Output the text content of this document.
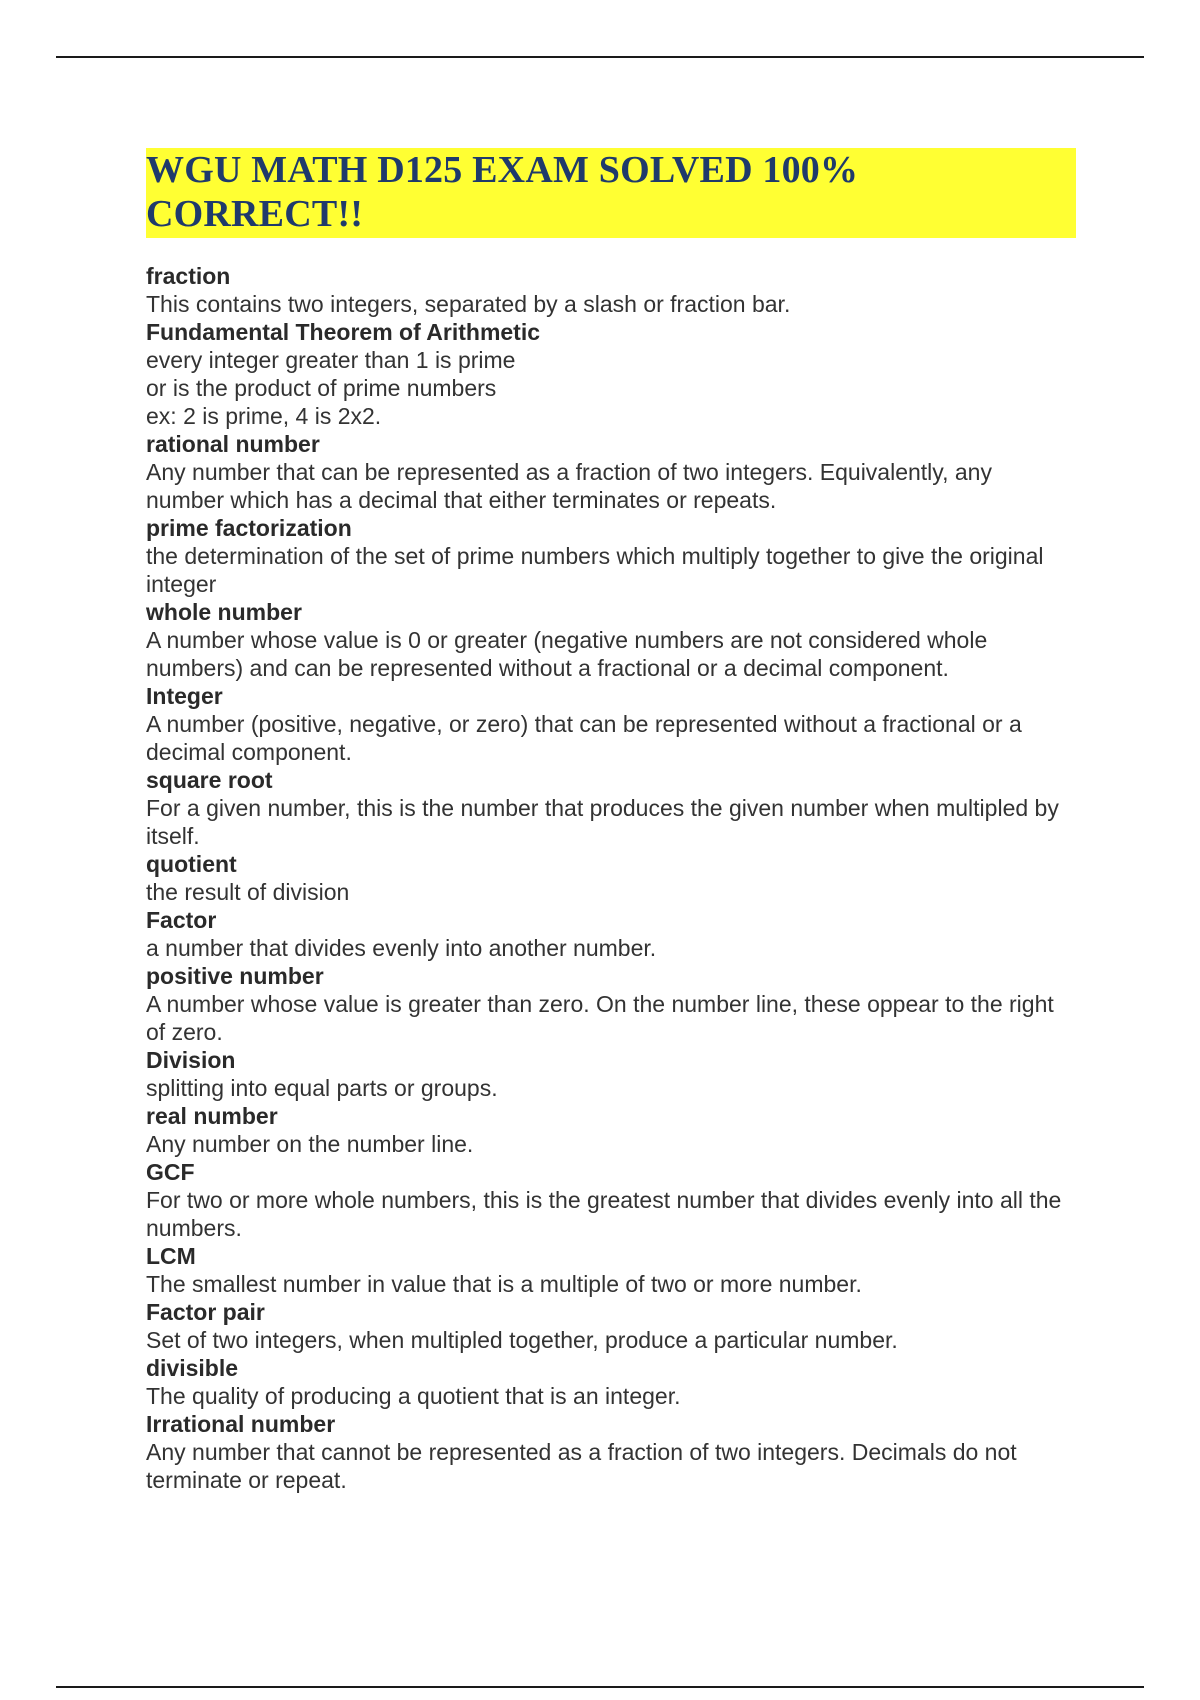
WGU MATH D125 EXAM SOLVED 100% CORRECT!!
fraction
This contains two integers, separated by a slash or fraction bar.
Fundamental Theorem of Arithmetic
every integer greater than 1 is prime
or is the product of prime numbers
ex: 2 is prime, 4 is 2x2.
rational number
Any number that can be represented as a fraction of two integers. Equivalently, any number which has a decimal that either terminates or repeats.
prime factorization
the determination of the set of prime numbers which multiply together to give the original integer
whole number
A number whose value is 0 or greater (negative numbers are not considered whole numbers) and can be represented without a fractional or a decimal component.
Integer
A number (positive, negative, or zero) that can be represented without a fractional or a decimal component.
square root
For a given number, this is the number that produces the given number when multipled by itself.
quotient
the result of division
Factor
a number that divides evenly into another number.
positive number
A number whose value is greater than zero. On the number line, these oppear to the right of zero.
Division
splitting into equal parts or groups.
real number
Any number on the number line.
GCF
For two or more whole numbers, this is the greatest number that divides evenly into all the numbers.
LCM
The smallest number in value that is a multiple of two or more number.
Factor pair
Set of two integers, when multipled together, produce a particular number.
divisible
The quality of producing a quotient that is an integer.
Irrational number
Any number that cannot be represented as a fraction of two integers. Decimals do not terminate or repeat.
